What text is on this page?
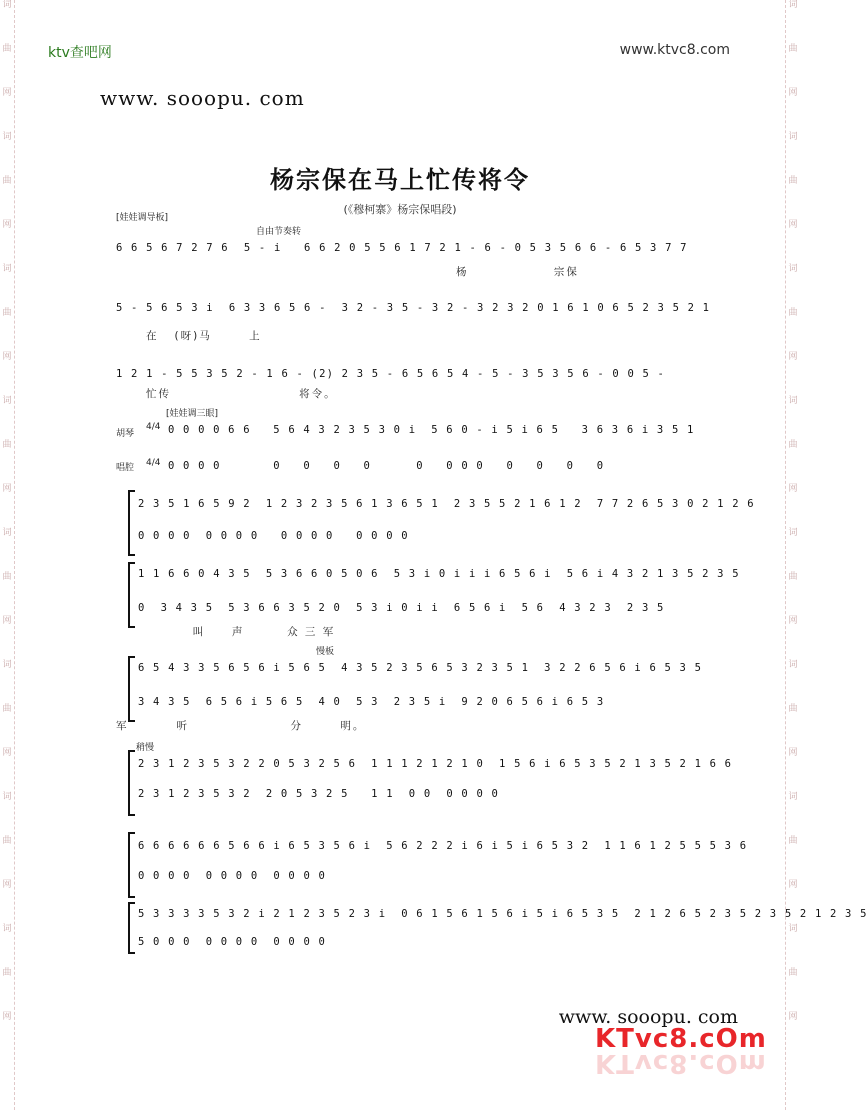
词
曲
网
词
曲
网
词
曲
网
词
曲
网
词
曲
网
词
曲
网
词
曲
网
词
曲
网
词
曲
网
词
曲
网
词
曲
网
词
曲
网
词
曲
网
词
曲
网
词
曲
网
词
曲
网
ktv查吧网	www.ktvc8.com
www. sooopu. com
杨宗保在马上忙传将令
(《穆柯寨》杨宗保唱段)
[娃娃调导板]
自由节奏转
6 6 5 6 7 2 7 6  5 - i   6 6 2 0 5 5 6 1 7 2 1 - 6 - 0 5 3 5 6 6 - 6 5 3 7 7
杨                宗保
5 - 5 6 5 3 i  6 3 3 6 5 6 -  3 2 - 3 5 - 3 2 - 3 2 3 2 0 1 6 1 0 6 5 2 3 5 2 1
在   (呀)马       上
1 2 1 - 5 5 3 5 2 - 1 6 - (2) 2 3 5 - 6 5 6 5 4 - 5 - 3 5 3 5 6 - 0 0 5 -
忙传                        将令。
[娃娃调三眼]
胡琴
唱腔
4/4
4/4
0 0 0 0 6 6   5 6 4 3 2 3 5 3 0 i  5 6 0 - i 5 i 6 5   3 6 3 6 i 3 5 1
0 0 0 0       0   0   0   0      0   0 0 0   0   0   0   0
2 3 5 1 6 5 9 2  1 2 3 2 3 5 6 1 3 6 5 1  2 3 5 5 2 1 6 1 2  7 7 2 6 5 3 0 2 1 2 6
0 0 0 0  0 0 0 0   0 0 0 0   0 0 0 0
1 1 6 6 0 4 3 5  5 3 6 6 0 5 0 6  5 3 i 0 i i i 6 5 6 i  5 6 i 4 3 2 1 3 5 2 3 5
0  3 4 3 5  5 3 6 6 3 5 2 0  5 3 i 0 i i  6 5 6 i  5 6  4 3 2 3  2 3 5
叫     声        众 三 军
慢板
6 5 4 3 3 5 6 5 6 i 5 6 5  4 3 5 2 3 5 6 5 3 2 3 5 1  3 2 2 6 5 6 i 6 5 3 5
3 4 3 5  6 5 6 i 5 6 5  4 0  5 3  2 3 5 i  9 2 0 6 5 6 i 6 5 3
军         听                   分       明。
稍慢
2 3 1 2 3 5 3 2 2 0 5 3 2 5 6  1 1 1 2 1 2 1 0  1 5 6 i 6 5 3 5 2 1 3 5 2 1 6 6
2 3 1 2 3 5 3 2  2 0 5 3 2 5   1 1  0 0  0 0 0 0
6 6 6 6 6 6 5 6 6 i 6 5 3 5 6 i  5 6 2 2 2 i 6 i 5 i 6 5 3 2  1 1 6 1 2 5 5 5 3 6
0 0 0 0  0 0 0 0  0 0 0 0
5 3 3 3 3 5 3 2 i 2 1 2 3 5 2 3 i  0 6 1 5 6 1 5 6 i 5 i 6 5 3 5  2 1 2 6 5 2 3 5 2 3 5 2 1 2 3 5
5 0 0 0  0 0 0 0  0 0 0 0
www. sooopu. com
KTvc8.cOm
KTvc8.cOm
